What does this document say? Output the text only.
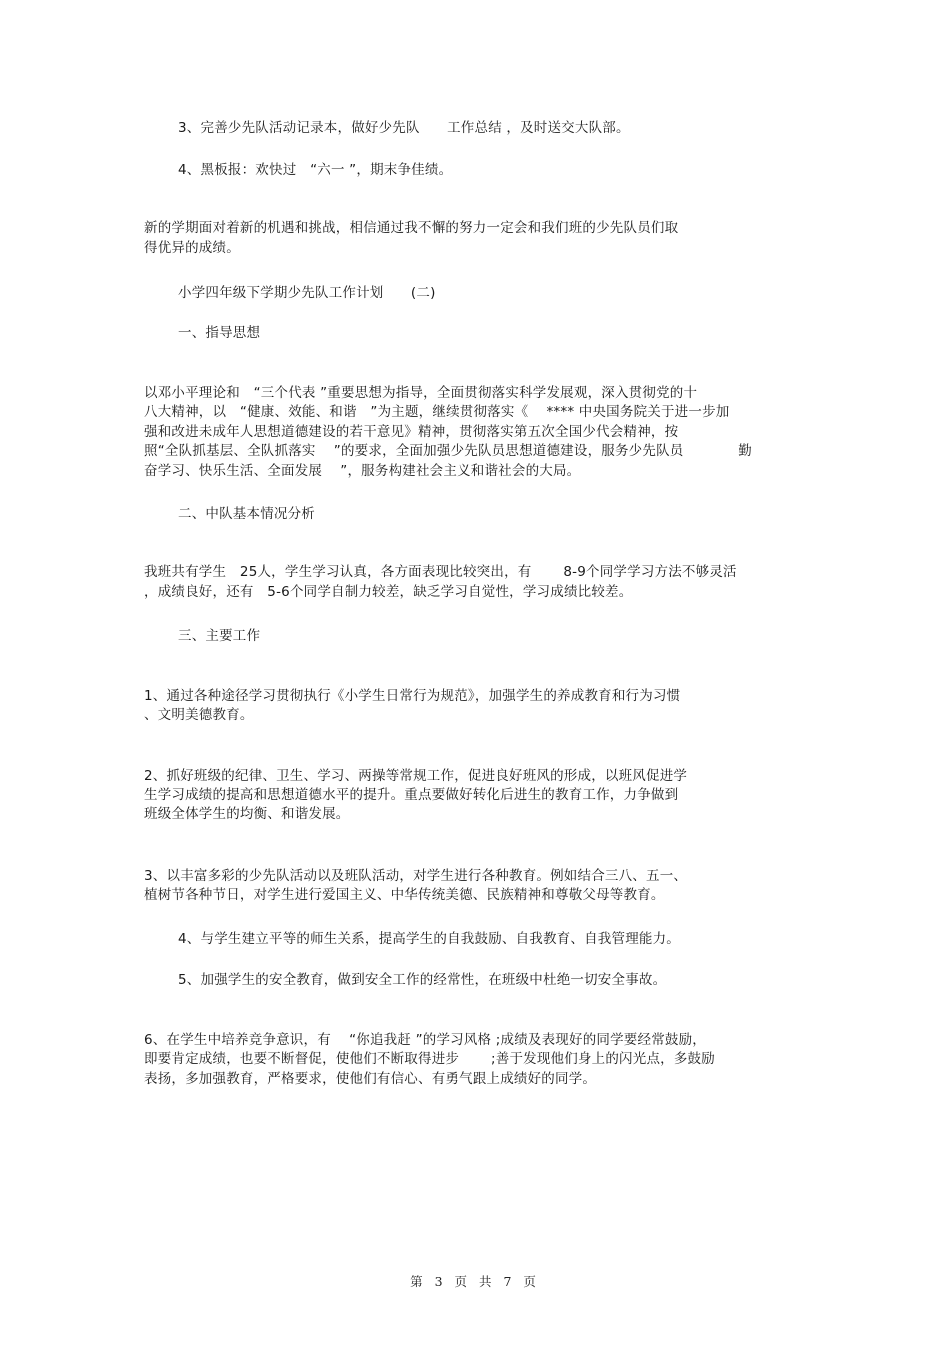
3、完善少先队活动记录本，做好少先队　　工作总结 ，及时送交大队部。
4、黑板报：欢快过　“六一 ”，期末争佳绩。
新的学期面对着新的机遇和挑战，相信通过我不懈的努力一定会和我们班的少先队员们取
得优异的成绩。
小学四年级下学期少先队工作计划　　(二)
一、指导思想
以邓小平理论和　“三个代表 ”重要思想为指导，全面贯彻落实科学发展观，深入贯彻党的十
八大精神，以　“健康、效能、和谐　”为主题，继续贯彻落实《　 **** 中央国务院关于进一步加
强和改进未成年人思想道德建设的若干意见》精神，贯彻落实第五次全国少代会精神，按
照“全队抓基层、全队抓落实　 ”的要求，全面加强少先队员思想道德建设，服务少先队员　　　　勤
奋学习、快乐生活、全面发展　 ”，服务构建社会主义和谐社会的大局。
二、中队基本情况分析
我班共有学生　25人，学生学习认真，各方面表现比较突出，有　　 8-9个同学学习方法不够灵活
，成绩良好，还有　5-6个同学自制力较差，缺乏学习自觉性，学习成绩比较差。
三、主要工作
1、通过各种途径学习贯彻执行《小学生日常行为规范》，加强学生的养成教育和行为习惯
、文明美德教育。
2、抓好班级的纪律、卫生、学习、两操等常规工作，促进良好班风的形成，以班风促进学
生学习成绩的提高和思想道德水平的提升。重点要做好转化后进生的教育工作，力争做到
班级全体学生的均衡、和谐发展。
3、以丰富多彩的少先队活动以及班队活动，对学生进行各种教育。例如结合三八、五一、
植树节各种节日，对学生进行爱国主义、中华传统美德、民族精神和尊敬父母等教育。
4、与学生建立平等的师生关系，提高学生的自我鼓励、自我教育、自我管理能力。
5、加强学生的安全教育，做到安全工作的经常性，在班级中杜绝一切安全事故。
6、在学生中培养竞争意识，有　 “你追我赶 ”的学习风格 ;成绩及表现好的同学要经常鼓励，
即要肯定成绩，也要不断督促，使他们不断取得进步　　 ;善于发现他们身上的闪光点，多鼓励
表扬，多加强教育，严格要求，使他们有信心、有勇气跟上成绩好的同学。
第 3 页 共 7 页
